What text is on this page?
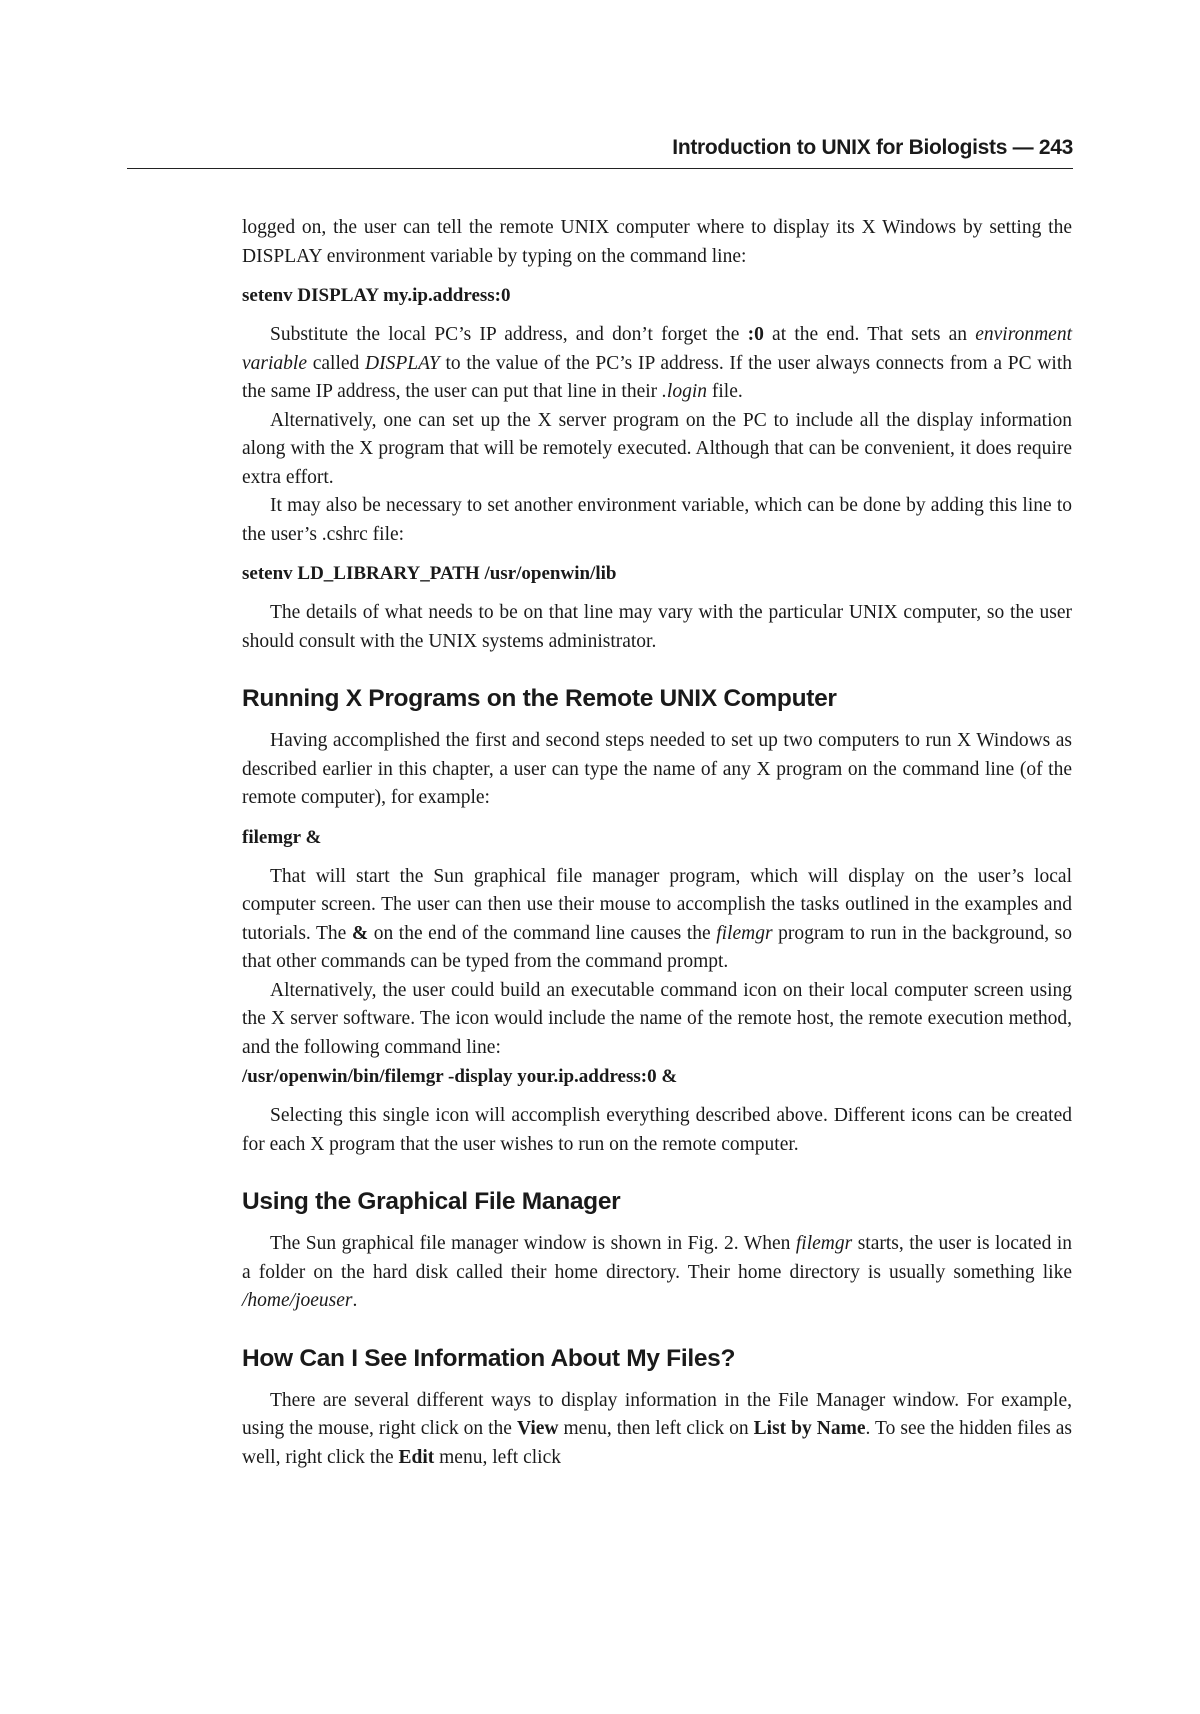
Introduction to UNIX for Biologists — 243

logged on, the user can tell the remote UNIX computer where to display its X Windows by setting the DISPLAY environment variable by typing on the command line:

setenv DISPLAY my.ip.address:0

Substitute the local PC’s IP address, and don’t forget the :0 at the end. That sets an environment variable called DISPLAY to the value of the PC’s IP address. If the user always connects from a PC with the same IP address, the user can put that line in their .login file.

Alternatively, one can set up the X server program on the PC to include all the display information along with the X program that will be remotely executed. Although that can be convenient, it does require extra effort.

It may also be necessary to set another environment variable, which can be done by adding this line to the user’s .cshrc file:

setenv LD_LIBRARY_PATH /usr/openwin/lib

The details of what needs to be on that line may vary with the particular UNIX computer, so the user should consult with the UNIX systems administrator.

Running X Programs on the Remote UNIX Computer

Having accomplished the first and second steps needed to set up two computers to run X Windows as described earlier in this chapter, a user can type the name of any X program on the command line (of the remote computer), for example:

filemgr &

That will start the Sun graphical file manager program, which will display on the user’s local computer screen. The user can then use their mouse to accomplish the tasks outlined in the examples and tutorials. The & on the end of the command line causes the filemgr program to run in the background, so that other commands can be typed from the command prompt.

Alternatively, the user could build an executable command icon on their local computer screen using the X server software. The icon would include the name of the remote host, the remote execution method, and the following command line:

/usr/openwin/bin/filemgr -display your.ip.address:0 &

Selecting this single icon will accomplish everything described above. Different icons can be created for each X program that the user wishes to run on the remote computer.

Using the Graphical File Manager

The Sun graphical file manager window is shown in Fig. 2. When filemgr starts, the user is located in a folder on the hard disk called their home directory. Their home directory is usually something like /home/joeuser.

How Can I See Information About My Files?

There are several different ways to display information in the File Manager window. For example, using the mouse, right click on the View menu, then left click on List by Name. To see the hidden files as well, right click the Edit menu, left click
